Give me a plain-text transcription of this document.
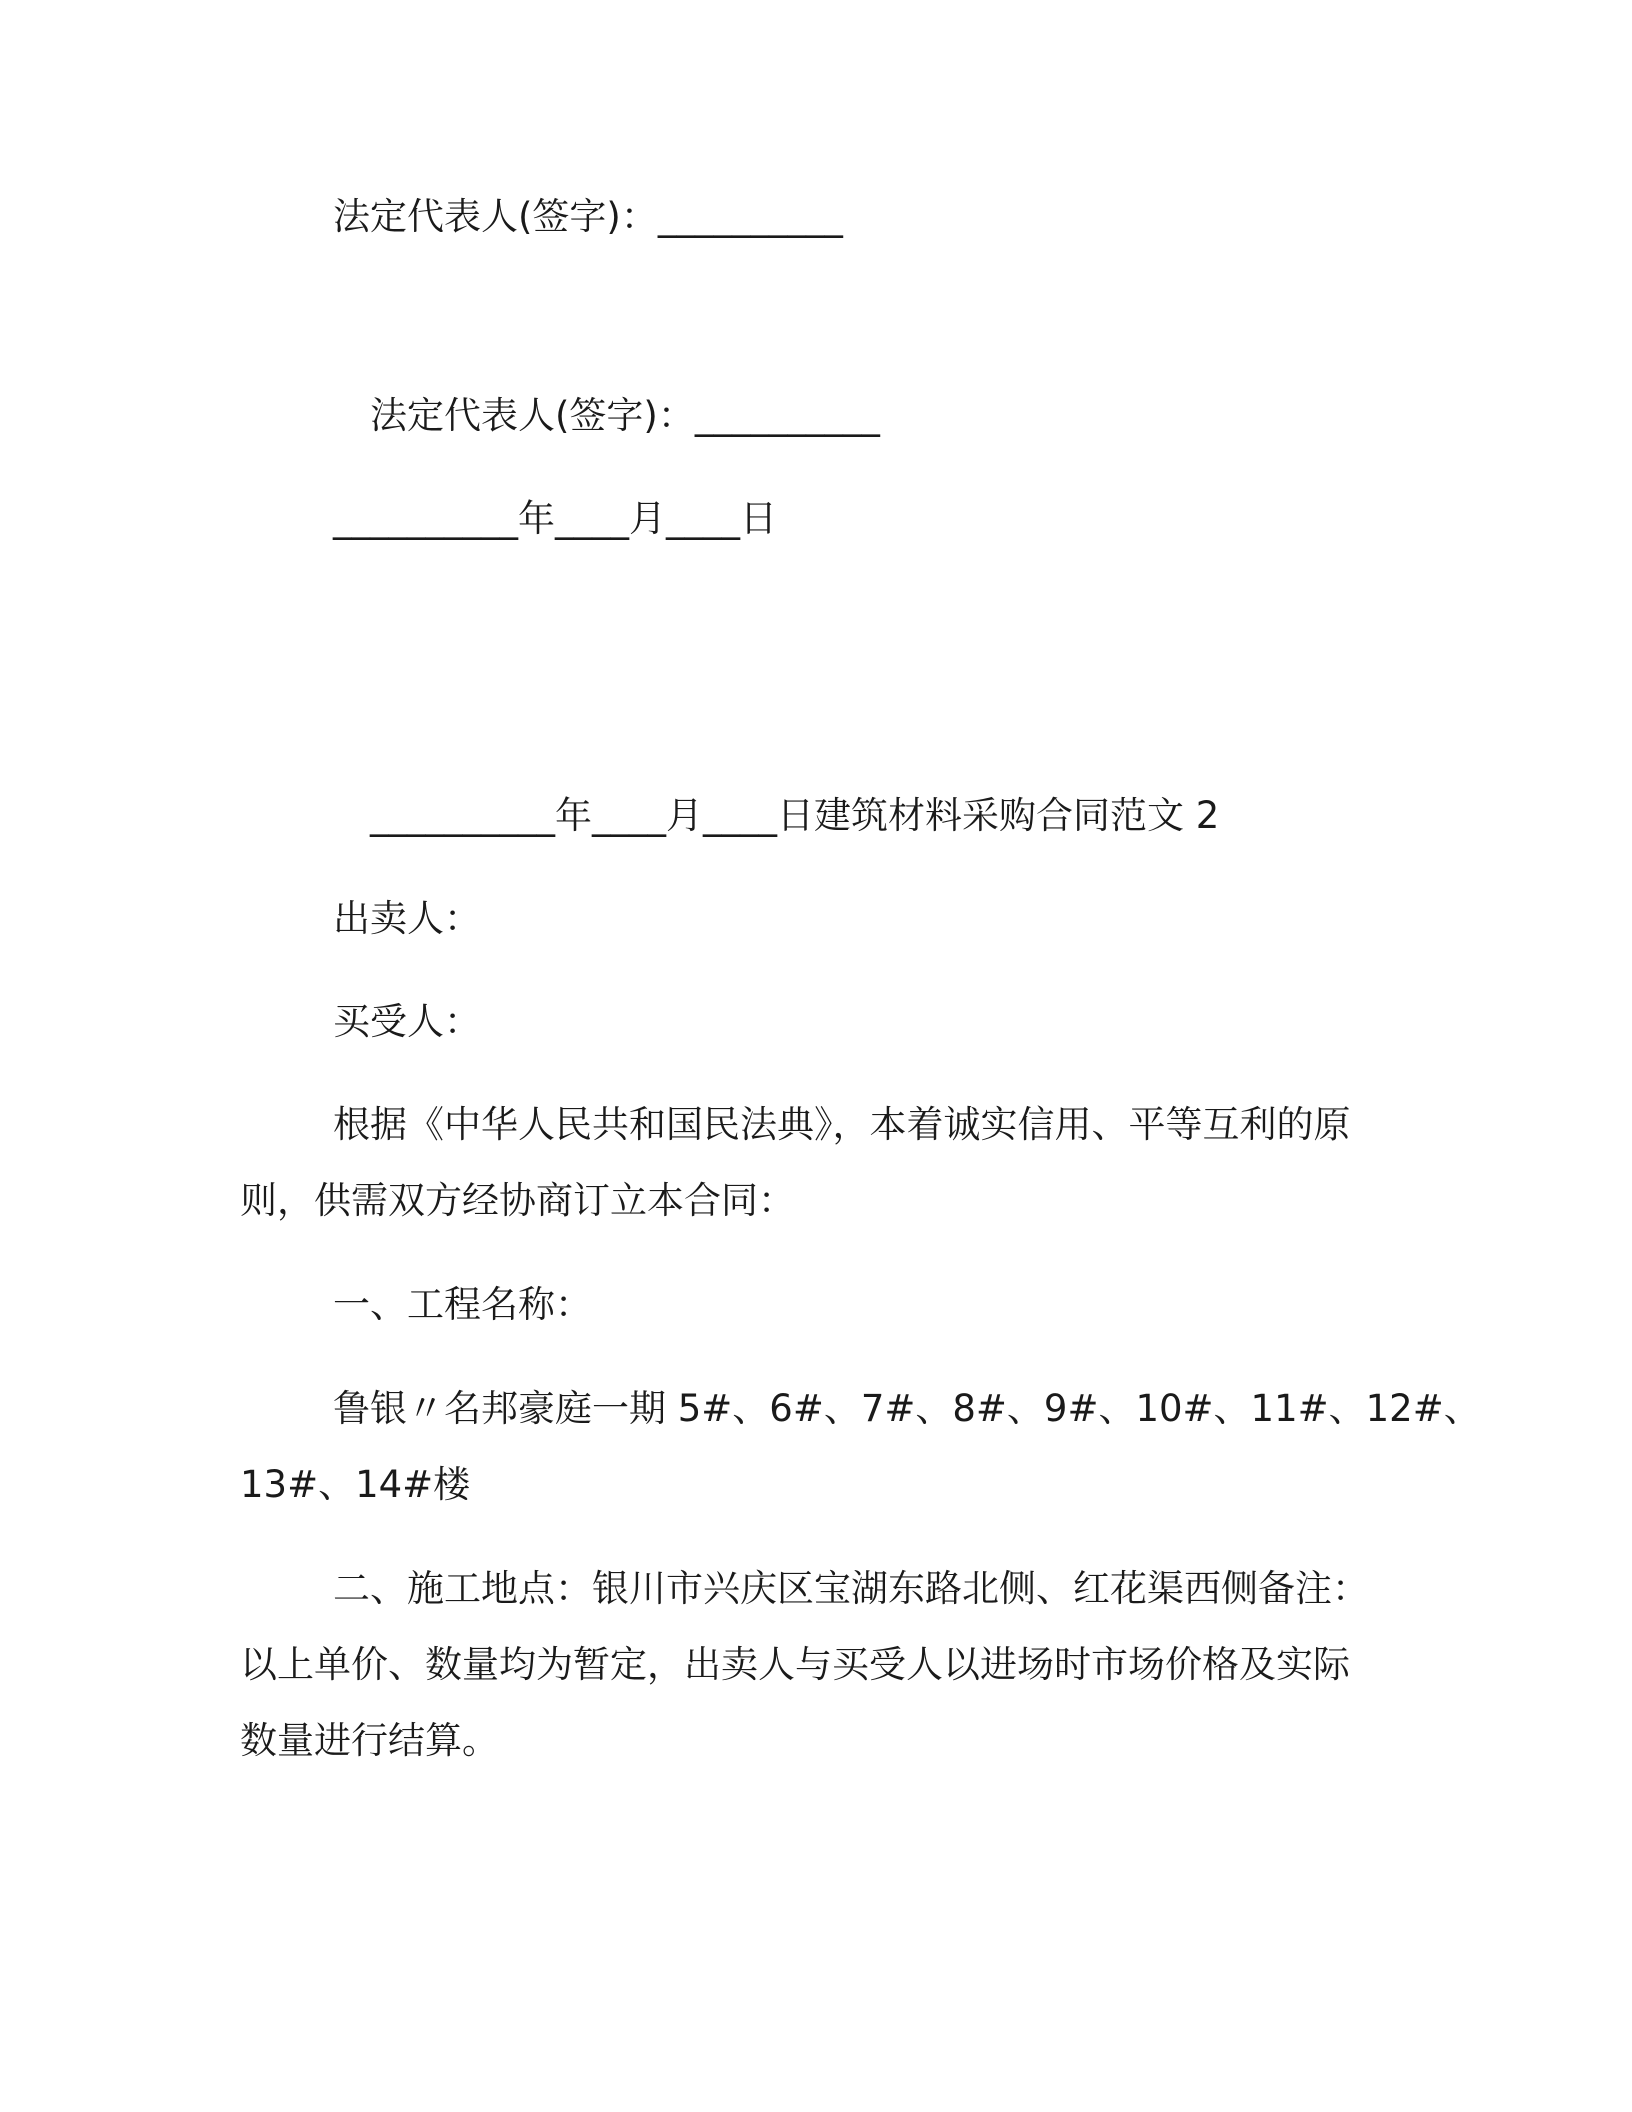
法定代表人(签字)：__________
法定代表人(签字)：__________
__________年____月____日
__________年____月____日建筑材料采购合同范文 2
出卖人：
买受人：
根据《中华人民共和国民法典》，本着诚实信用、平等互利的原
则，供需双方经协商订立本合同：
一、工程名称：
鲁银〃名邦豪庭一期 5#、6#、7#、8#、9#、10#、11#、12#、
13#、14#楼
二、施工地点：银川市兴庆区宝湖东路北侧、红花渠西侧备注：
以上单价、数量均为暂定，出卖人与买受人以进场时市场价格及实际
数量进行结算。
